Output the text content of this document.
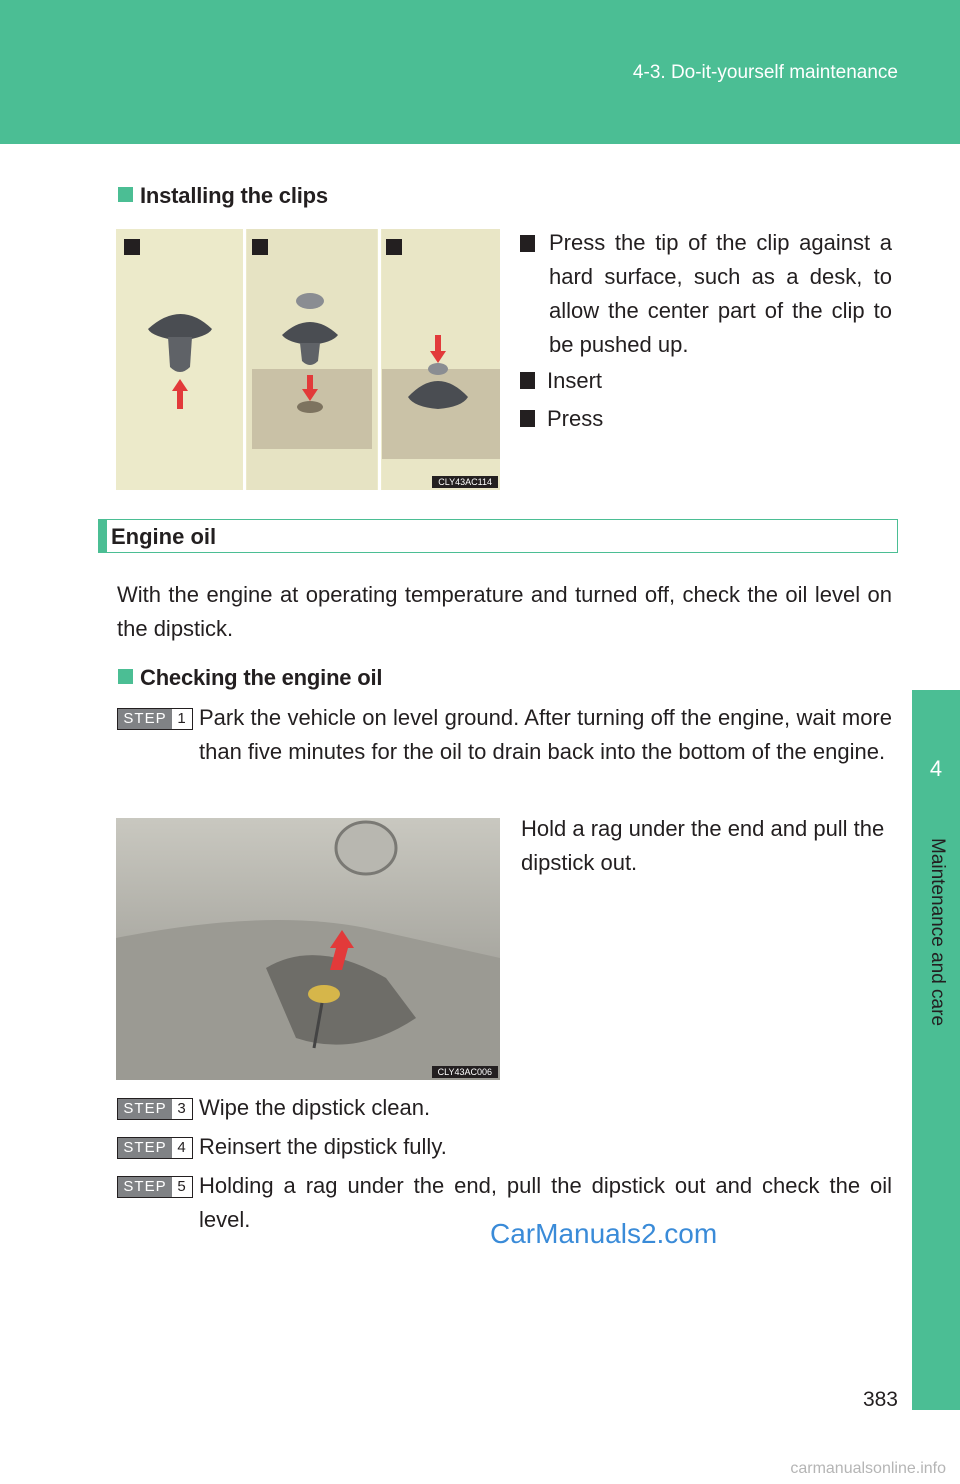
4-3. Do-it-yourself maintenance
4
Maintenance and care
Installing the clips
CLY43AC114
Press the tip of the clip against a hard surface, such as a desk, to allow the center part of the clip to be pushed up.
Insert
Press
Engine oil
With the engine at operating temperature and turned off, check the oil level on the dipstick.
Checking the engine oil
STEP 1 Park the vehicle on level ground. After turning off the engine, wait more than five minutes for the oil to drain back into the bottom of the engine.
CLY43AC006
Hold a rag under the end and pull the dipstick out.
STEP 3 Wipe the dipstick clean.
STEP 4 Reinsert the dipstick fully.
STEP 5 Holding a rag under the end, pull the dipstick out and check the oil level.	CarManuals2.com
383
carmanualsonline.info
